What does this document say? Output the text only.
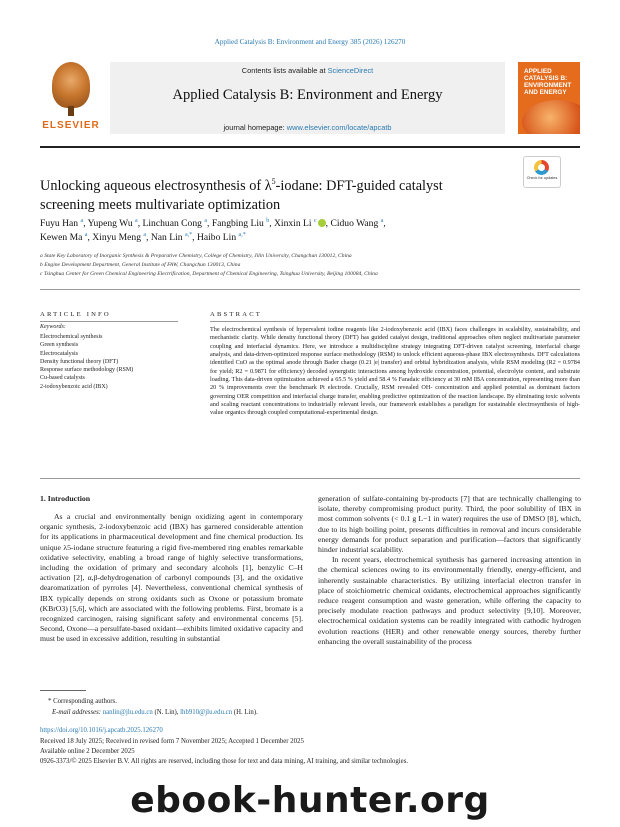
Applied Catalysis B: Environment and Energy 385 (2026) 126270
ELSEVIER
Contents lists available at ScienceDirect
Applied Catalysis B: Environment and Energy
journal homepage: www.elsevier.com/locate/apcatb
APPLIED CATALYSIS B: ENVIRONMENT AND ENERGY
Unlocking aqueous electrosynthesis of $\lambda^5$-iodane: DFT-guided catalyst screening meets multivariate optimization
Check for updates
Fuyu Han $^a$, Yupeng Wu $^a$, Linchuan Cong $^a$, Fangbing Liu $^b$, Xinxin Li $^c$ , Ciduo Wang $^a$,
Kewen Ma $^a$, Xinyu Meng $^a$, Nan Lin $^{a,*}$, Haibo Lin $^{a,*}$
a State Key Laboratory of Inorganic Synthesis & Preparative Chemistry, College of Chemistry, Jilin University, Changchun 130012, China
b Engine Development Department, General Institute of FAW, Changchun 130013, China
c Tsinghua Center for Green Chemical Engineering Electrification, Department of Chemical Engineering, Tsinghua University, Beijing 100084, China
ARTICLE INFO	ABSTRACT
Keywords:
Electrochemical synthesis
Green synthesis
Electrocatalysis
Density functional theory (DFT)
Response surface methodology (RSM)
Cu-based catalysts
2-iodoxybenzoic acid (IBX)
The electrochemical synthesis of hypervalent iodine reagents like 2-iodoxybenzoic acid (IBX) faces challenges in scalability, sustainability, and mechanistic clarity. While density functional theory (DFT) has guided catalyst design, traditional approaches often neglect multivariate parameter coupling and interfacial dynamics. Here, we introduce a multidiscipline strategy integrating DFT-driven catalyst screening, interfacial charge analysis, and data-driven-optimized response surface methodology (RSM) to unlock efficient aqueous-phase IBX electrosynthesis. DFT calculations identified CuO as the optimal anode through Bader charge (0.21 |e| transfer) and orbital hybridization analysis, while RSM modeling (R2 = 0.9784 for yield; R2 = 0.9871 for efficiency) decoded synergistic interactions among hydroxide concentration, potential, electrolyte content, and substrate loading. This data-driven optimization achieved a 65.5 % yield and 58.4 % Faradaic efficiency at 30 mM IBA concentration, representing more than 20 % improvements over the benchmark Pt electrode. Crucially, RSM revealed OH- concentration and applied potential as dominant factors governing OER competition and interfacial charge transfer, enabling predictive optimization of the reaction landscape. By eliminating toxic solvents and scaling reactant concentrations to industrially relevant levels, our framework establishes a paradigm for sustainable electrosynthesis of high-value organics through coupled computational-experimental design.
1. Introduction

As a crucial and environmentally benign oxidizing agent in contemporary organic synthesis, 2-iodoxybenzoic acid (IBX) has garnered considerable attention for its applications in pharmaceutical development and fine chemical production. Its unique λ5-iodane structure featuring a rigid five-membered ring enables remarkable oxidative selectivity, enabling a broad range of highly selective transformations, including the oxidation of primary and secondary alcohols [1], benzylic C–H activation [2], α,β-dehydrogenation of carbonyl compounds [3], and the oxidative dearomatization of pyrroles [4]. Nevertheless, conventional chemical synthesis of IBX typically depends on strong oxidants such as Oxone or potassium bromate (KBrO3) [5,6], which are associated with the following problems. First, bromate is a recognized carcinogen, raising significant safety and environmental concerns [5]. Second, Oxone—a persulfate-based oxidant—exhibits limited oxidative capacity and must be used in excessive addition, resulting in substantial

generation of sulfate-containing by-products [7] that are technically challenging to isolate, thereby compromising product purity. Third, the poor solubility of IBX in most common solvents (< 0.1 g L−1 in water) requires the use of DMSO [8], which, due to its high boiling point, presents difficulties in removal and incurs considerable energy demands for product separation and purification—factors that significantly hinder industrial scalability.

In recent years, electrochemical synthesis has garnered increasing attention in the chemical sciences owing to its environmentally friendly, energy-efficient, and inherently sustainable characteristics. By utilizing interfacial electron transfer in place of stoichiometric chemical oxidants, electrochemical approaches significantly reduce reagent consumption and waste generation, while offering the capacity to precisely modulate reaction pathways and product selectivity [9,10]. Moreover, electrochemical oxidation systems can be readily integrated with cathodic hydrogen evolution reactions (HER) and other renewable energy sources, thereby further enhancing the overall sustainability of the process

* Corresponding authors.
E-mail addresses: nanlin@jlu.edu.cn (N. Lin), lhb910@jlu.edu.cn (H. Lin).
https://doi.org/10.1016/j.apcatb.2025.126270
Received 18 July 2025; Received in revised form 7 November 2025; Accepted 1 December 2025
Available online 2 December 2025
0926-3373/© 2025 Elsevier B.V. All rights are reserved, including those for text and data mining, AI training, and similar technologies.
ebook-hunter.org
